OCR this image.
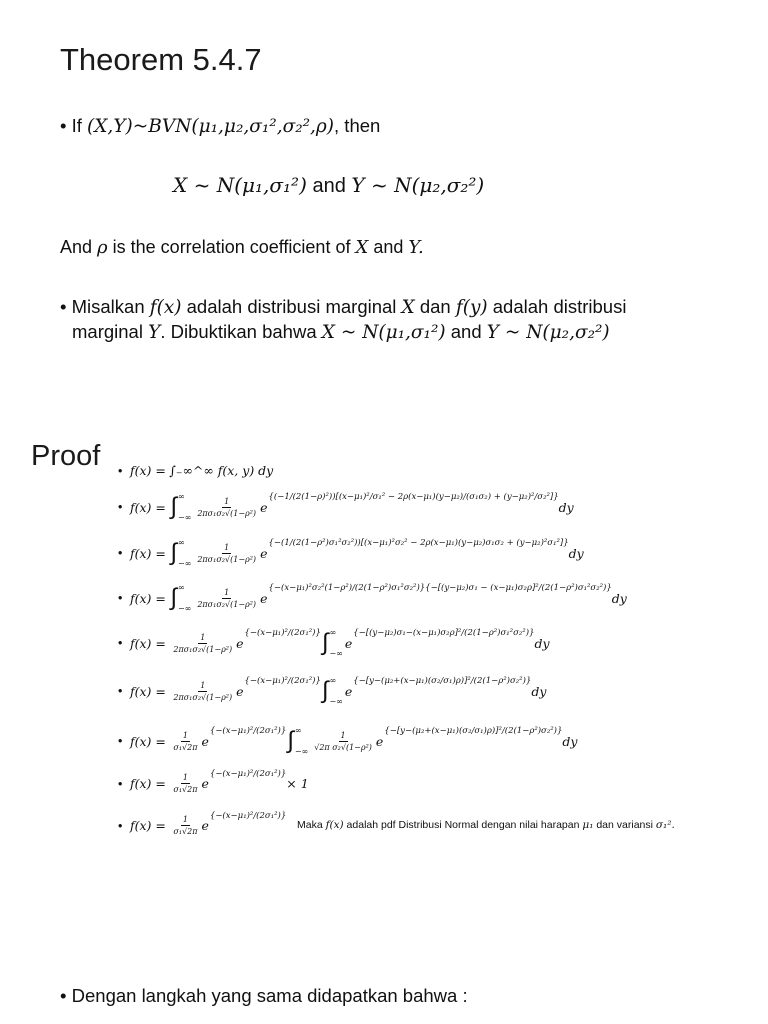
Theorem 5.4.7
• If (X,Y)~BVN(μ₁,μ₂,σ₁²,σ₂²,ρ), then
X ~ N(μ₁,σ₁²) and Y ~ N(μ₂,σ₂²)
And ρ is the correlation coefficient of X and Y.
• Misalkan f(x) adalah distribusi marginal X dan f(y) adalah distribusi
marginal Y. Dibuktikan bahwa X ~ N(μ₁,σ₁²) and Y ~ N(μ₂,σ₂²)
Proof • f(x) =
∫₋∞^∞ f(x, y) dy
• f(x) =
∫ ∞
−∞ $\frac{1}{\text{2πσ₁σ₂√(1−ρ²)}}$ e
{(−1/(2(1−ρ)²))[(x−μ₁)²/σ₁² − 2ρ(x−μ₁)(y−μ₂)/(σ₁σ₂) + (y−μ₂)²/σ₂²]}
dy
• f(x) =
∫ ∞
−∞ $\frac{1}{\text{2πσ₁σ₂√(1−ρ²)}}$ e
{−(1/(2(1−ρ²)σ₁²σ₂²))[(x−μ₁)²σ₂² − 2ρ(x−μ₁)(y−μ₂)σ₁σ₂ + (y−μ₂)²σ₁²]}
dy
• f(x) =
∫ ∞
−∞ $\frac{1}{\text{2πσ₁σ₂√(1−ρ²)}}$ e
{−(x−μ₁)²σ₂²(1−ρ²)/(2(1−ρ²)σ₁²σ₂²)}{−[(y−μ₂)σ₁ − (x−μ₁)σ₂ρ]²/(2(1−ρ²)σ₁²σ₂²)}
dy
• f(x) =
$\frac{1}{\text{2πσ₁σ₂√(1−ρ²)}}$ e
{−(x−μ₁)²/(2σ₁²)} ∫ ∞
−∞
e
{−[(y−μ₂)σ₁−(x−μ₁)σ₂ρ]²/(2(1−ρ²)σ₁²σ₂²)}
dy
• f(x) =
$\frac{1}{\text{2πσ₁σ₂√(1−ρ²)}}$ e
{−(x−μ₁)²/(2σ₁²)} ∫ ∞
−∞
e
{−[y−(μ₂+(x−μ₁)(σ₂/σ₁)ρ)]²/(2(1−ρ²)σ₂²)}
dy
• f(x) =
$\frac{1}{\text{σ₁√2π}}$ e
{−(x−μ₁)²/(2σ₁²)} ∫ ∞
−∞ $\frac{1}{\text{√2π σ₂√(1−ρ²)}}$ e
{−[y−(μ₂+(x−μ₁)(σ₂/σ₁)ρ)]²/(2(1−ρ²)σ₂²)}
dy
• f(x) =
$\frac{1}{\text{σ₁√2π}}$ e
{−(x−μ₁)²/(2σ₁²)}
× 1
• f(x) =
$\frac{1}{\text{σ₁√2π}}$ e
{−(x−μ₁)²/(2σ₁²)}
Maka f(x) adalah pdf Distribusi Normal dengan nilai harapan μ₁ dan variansi σ₁².
• Dengan langkah yang sama didapatkan bahwa :
